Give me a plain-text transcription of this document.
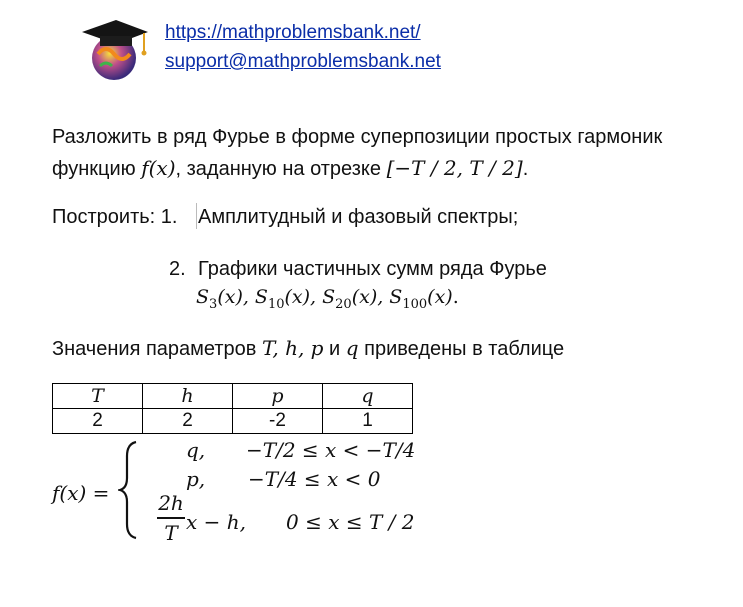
https://mathproblemsbank.net/
support@mathproblemsbank.net
Разложить в ряд Фурье в форме суперпозиции простых гармоник
функцию f(x), заданную на отрезке [−T / 2, T / 2].
Построить: 1. Амплитудный и фазовый спектры;
2. Графики частичных сумм ряда Фурье
$S_3(x)$, $S_{10}(x)$, $S_{20}(x)$, $S_{100}(x)$.
Значения параметров T, h, p и q приведены в таблице
T	h	p	q
2	2	-2	1
f(x) =
q, −T/2 ≤ x < −T/4
p, −T/4 ≤ x < 0
2h
T x − h, 0 ≤ x ≤ T / 2
